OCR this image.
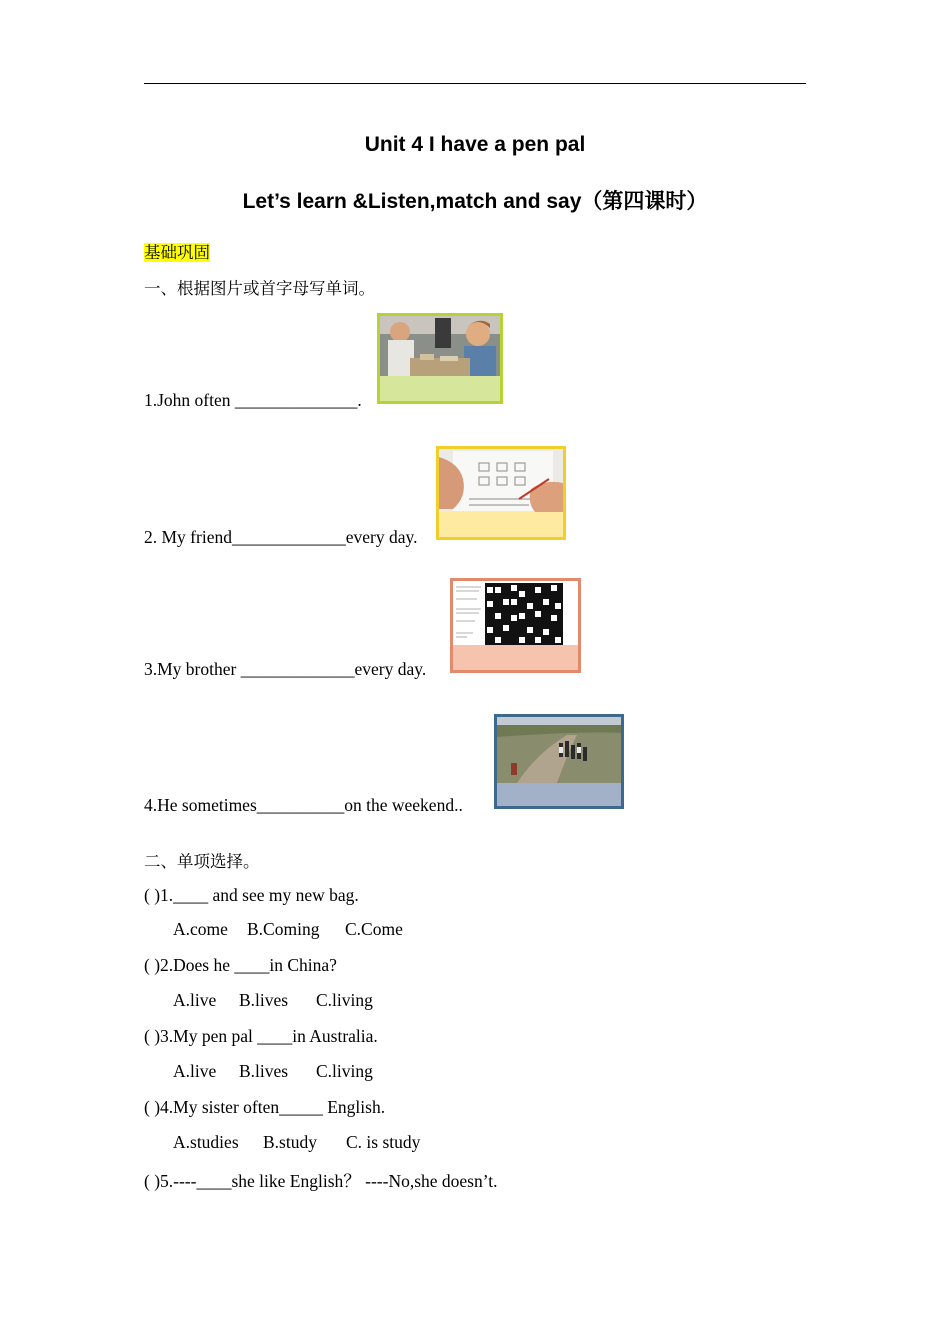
Unit 4 I have a pen pal
Let’s learn &Listen,match and say（第四课时）
基础巩固
一、根据图片或首字母写单词。
1.John often ______________.
2. My friend_____________every day.
3.My brother _____________every day.
4.He sometimes__________on the weekend..
二、单项选择。
( )1.____ and see my new bag.
A.come B.Coming C.Come
( )2.Does he ____in China?
A.live B.lives C.living
( )3.My pen pal ____in Australia.
A.live B.lives C.living
( )4.My sister often_____ English.
A.studies B.study C. is study
( )5.----____she like English？ ----No,she doesn’t.
